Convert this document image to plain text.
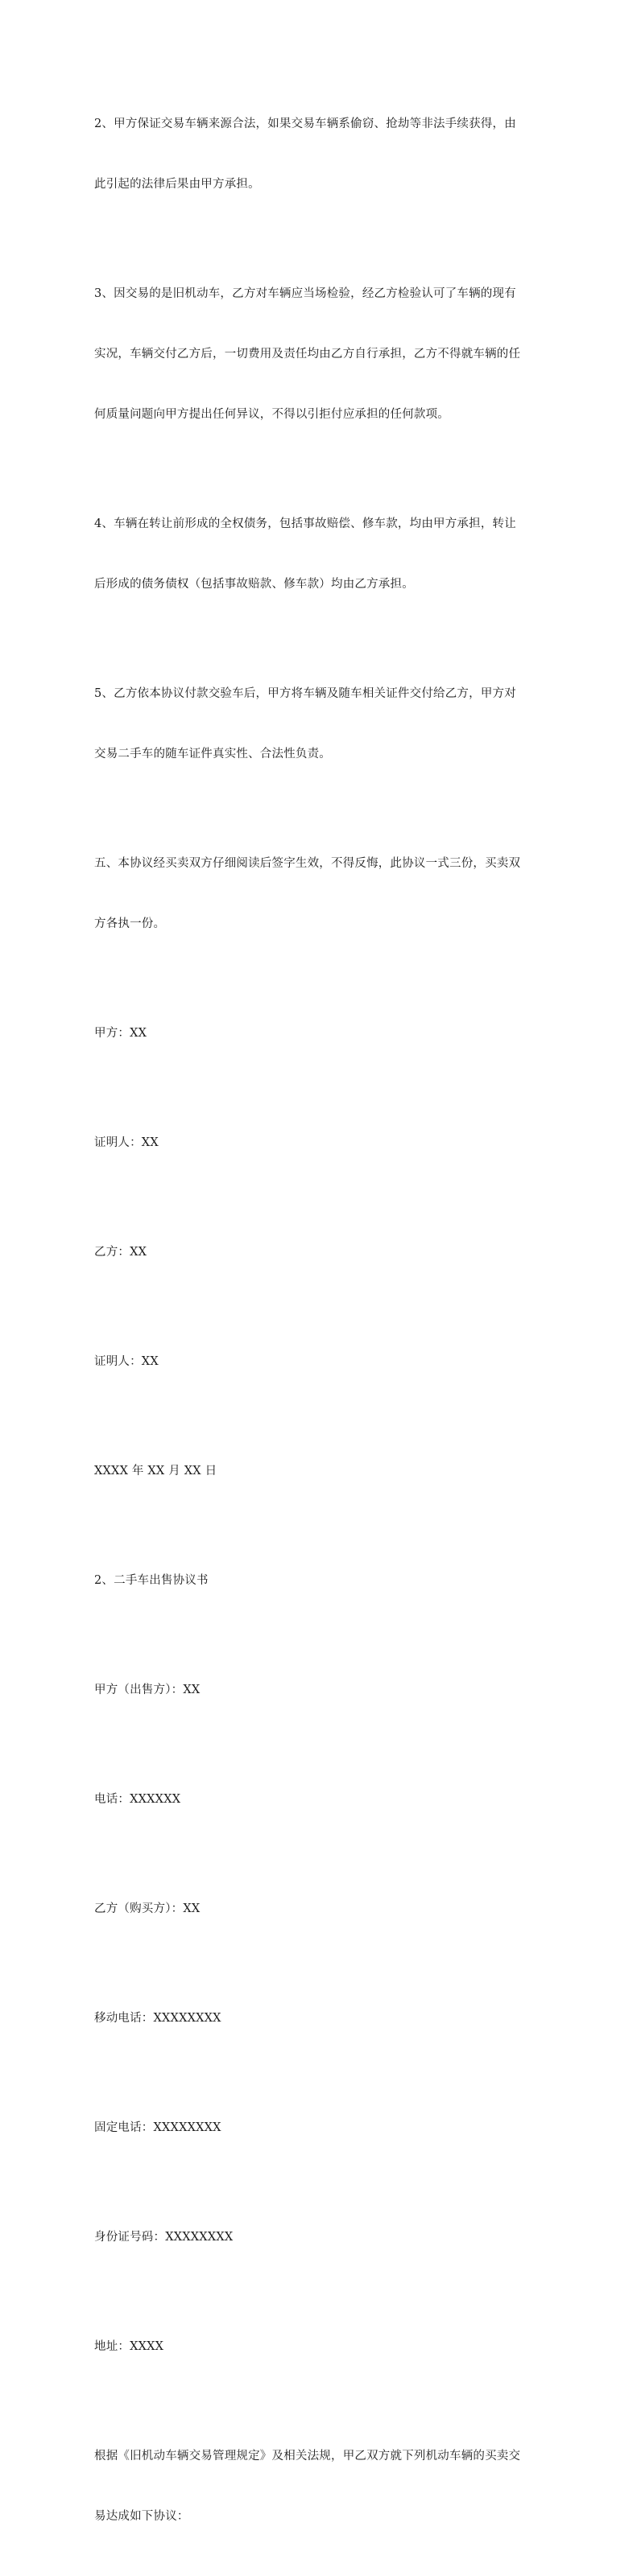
2、甲方保证交易车辆来源合法，如果交易车辆系偷窃、抢劫等非法手续获得，由

此引起的法律后果由甲方承担。

3、因交易的是旧机动车，乙方对车辆应当场检验，经乙方检验认可了车辆的现有

实况，车辆交付乙方后，一切费用及责任均由乙方自行承担，乙方不得就车辆的任

何质量问题向甲方提出任何异议，不得以引拒付应承担的任何款项。

4、车辆在转让前形成的全权债务，包括事故赔偿、修车款，均由甲方承担，转让

后形成的债务债权（包括事故赔款、修车款）均由乙方承担。

5、乙方依本协议付款交验车后，甲方将车辆及随车相关证件交付给乙方，甲方对

交易二手车的随车证件真实性、合法性负责。

五、本协议经买卖双方仔细阅读后签字生效，不得反悔，此协议一式三份，买卖双

方各执一份。

甲方：XX

证明人：XX

乙方：XX

证明人：XX

XXXX 年 XX 月 XX 日

2、二手车出售协议书

甲方（出售方）：XX

电话：XXXXXX

乙方（购买方）：XX

移动电话：XXXXXXXX

固定电话：XXXXXXXX

身份证号码：XXXXXXXX

地址：XXXX

根据《旧机动车辆交易管理规定》及相关法规，甲乙双方就下列机动车辆的买卖交

易达成如下协议：
